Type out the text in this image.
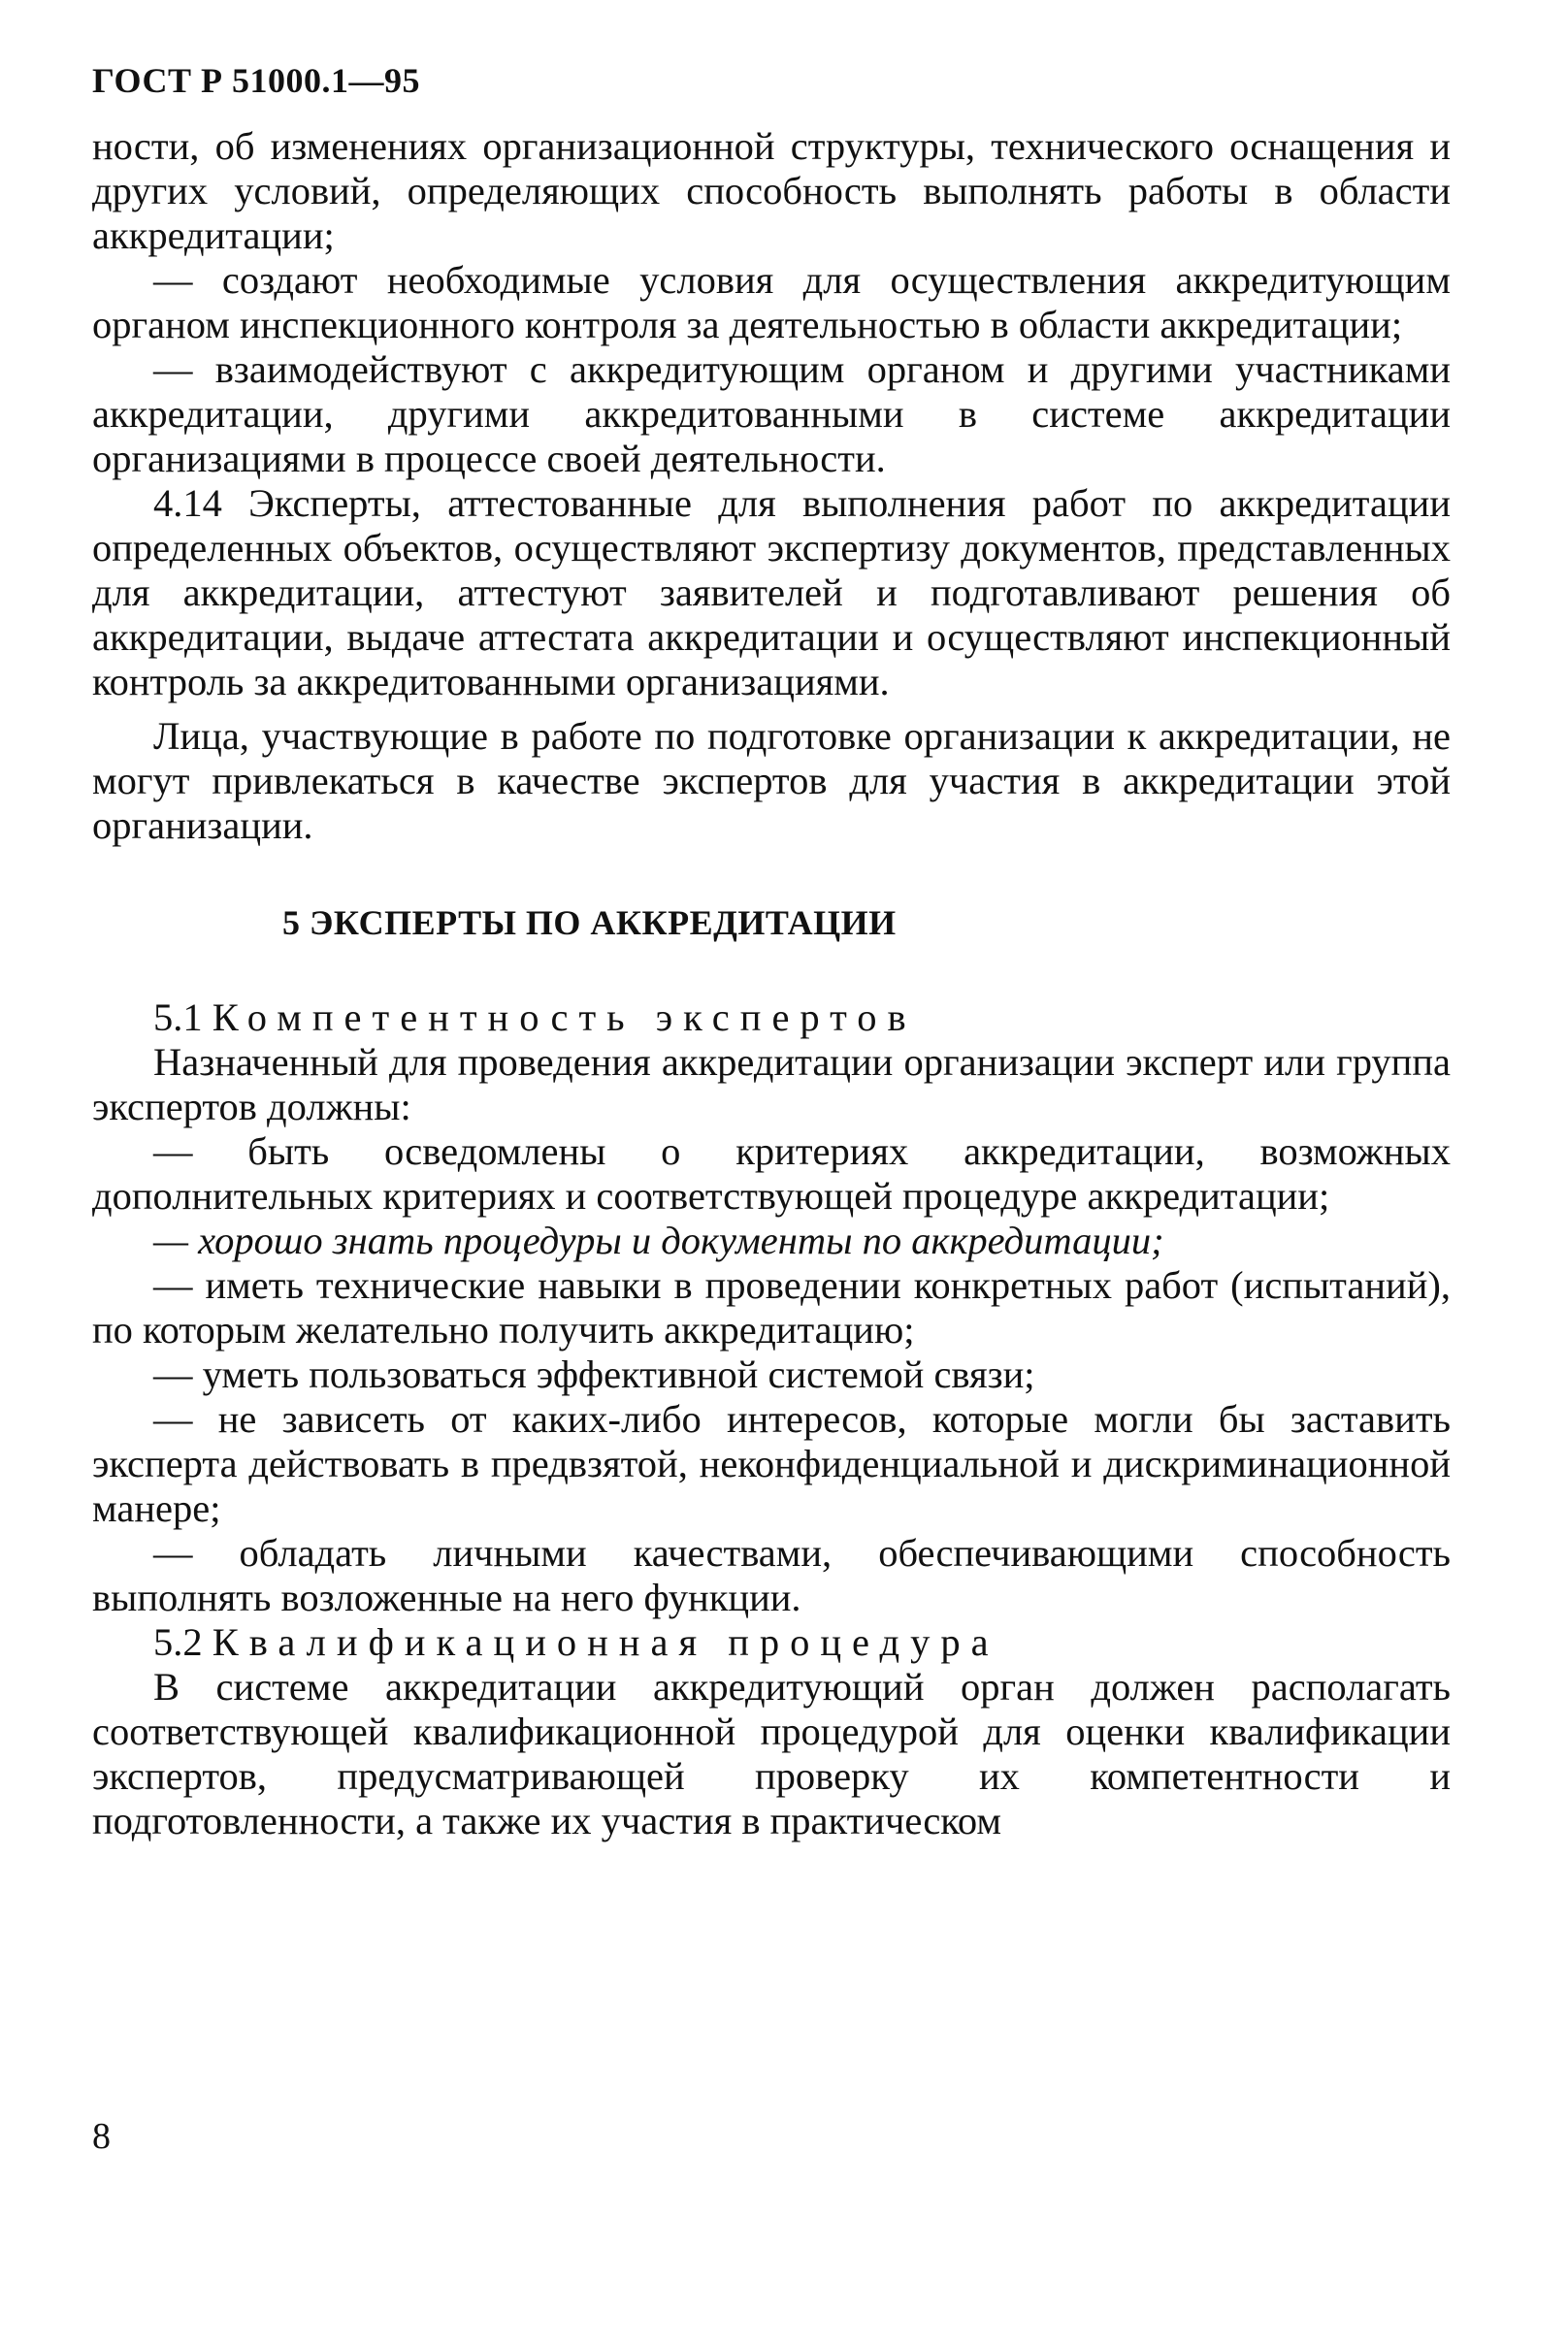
ГОСТ Р 51000.1—95

ности, об изменениях организационной структуры, технического оснащения и других условий, определяющих способность выполнять работы в области аккредитации;

— создают необходимые условия для осуществления аккредитующим органом инспекционного контроля за деятельностью в области аккредитации;

— взаимодействуют с аккредитующим органом и другими участниками аккредитации, другими аккредитованными в системе аккредитации организациями в процессе своей деятельности.

4.14 Эксперты, аттестованные для выполнения работ по аккредитации определенных объектов, осуществляют экспертизу документов, представленных для аккредитации, аттестуют заявителей и подготавливают решения об аккредитации, выдаче аттестата аккредитации и осуществляют инспекционный контроль за аккредитованными организациями.

Лица, участвующие в работе по подготовке организации к аккредитации, не могут привлекаться в качестве экспертов для участия в аккредитации этой организации.

5 ЭКСПЕРТЫ ПО АККРЕДИТАЦИИ

5.1 Компетентность экспертов

Назначенный для проведения аккредитации организации эксперт или группа экспертов должны:

— быть осведомлены о критериях аккредитации, возможных дополнительных критериях и соответствующей процедуре аккредитации;

— хорошо знать процедуры и документы по аккредитации;

— иметь технические навыки в проведении конкретных работ (испытаний), по которым желательно получить аккредитацию;

— уметь пользоваться эффективной системой связи;

— не зависеть от каких-либо интересов, которые могли бы заставить эксперта действовать в предвзятой, неконфиденциальной и дискриминационной манере;

— обладать личными качествами, обеспечивающими способность выполнять возложенные на него функции.

5.2 Квалификационная процедура

В системе аккредитации аккредитующий орган должен располагать соответствующей квалификационной процедурой для оценки квалификации экспертов, предусматривающей проверку их компетентности и подготовленности, а также их участия в практическом

8
